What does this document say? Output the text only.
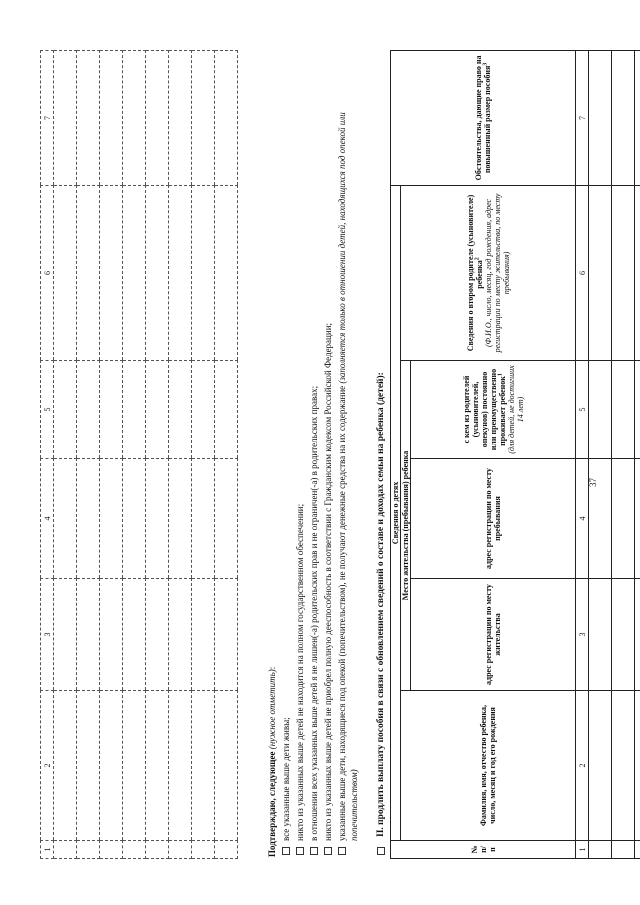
1	2	3	4	5	6	7

Подтверждаю, следующее (нужное отметить):
все указанные выше дети живы; никто из указанных выше детей не находится на полном государственном обеспечении; в отношении всех указанных выше детей я не лишен(-а) родительских прав и не ограничен(-а) в родительских правах; никто из указанных выше детей не приобрел полную дееспособность в соответствии с Гражданским кодексом Российской Федерации; указанные выше дети, находящиеся под опекой (попечительством), не получают денежные средства на их содержание (заполняется только в отношении детей, находящихся под опекой или попечительством) II. продлить выплату пособия в связи с обновлением сведений о составе и доходах семьи на ребенка (детей):
№ п/п	Сведения о детях					Обстоятельства, дающие право на повышенный размер пособия$^3$
	Фамилия, имя, отчество ребенка, число, месяц и год его рождения	Место жительства (пребывания) ребенка			Сведения о втором родителе (усыновителе) ребенка$^2$ (Ф.И.О., число, месяц, год рождения, адрес регистрации по месту жительства, по месту пребывания)	
		адрес регистрации по месту жительства	адрес регистрации по месту пребывания	с кем из родителей (усыновителей, опекунов) постоянно или преимущественно проживает ребенок$^1$ (для детей, не достигших 14 лет)		
1	2	3	4	5	6	7

37
